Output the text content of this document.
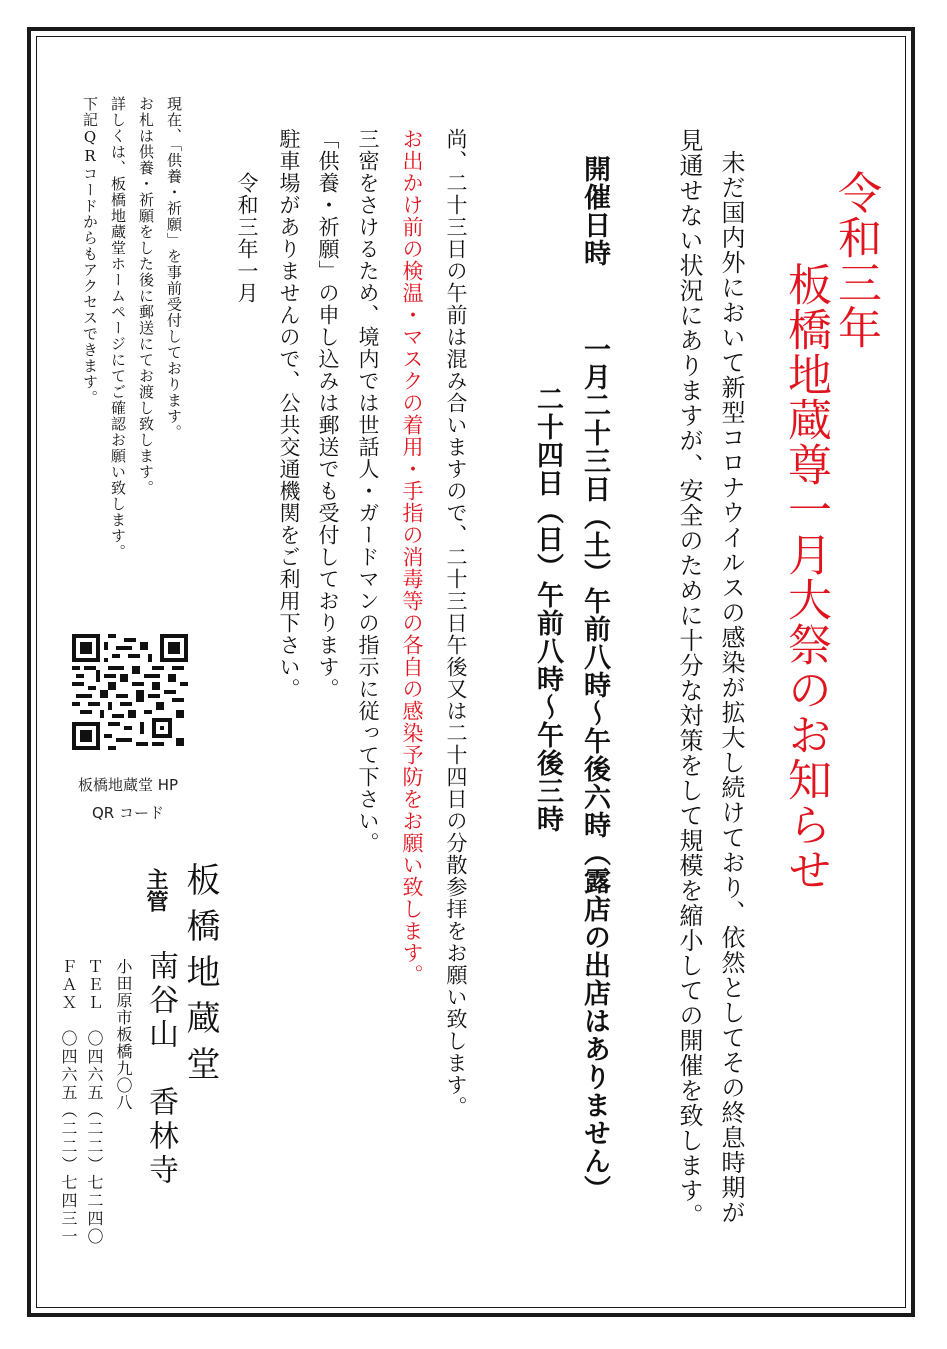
令和三年
板橋地蔵尊一月大祭のお知らせ
未だ国内外において新型コロナウイルスの感染が拡大し続けており、依然としてその終息時期が
見通せない状況にありますが、安全のために十分な対策をして規模を縮小しての開催を致します。
開催日時
一月二十三日（土）午前八時〜午後六時（露店の出店はありません）
二十四日（日）午前八時〜午後三時
尚、二十三日の午前は混み合いますので、二十三日午後又は二十四日の分散参拝をお願い致します。
お出かけ前の検温・マスクの着用・手指の消毒等の各自の感染予防をお願い致します。
三密をさけるため、境内では世話人・ガードマンの指示に従って下さい。
「供養・祈願」の申し込みは郵送でも受付しております。
駐車場がありませんので、公共交通機関をご利用下さい。
令和三年一月
現在、「供養・祈願」を事前受付しております。
お札は供養・祈願をした後に郵送にてお渡し致します。
詳しくは、板橋地蔵堂ホームページにてご確認お願い致します。
下記QRコードからもアクセスできます。
板橋地蔵堂 HP
QR コード
主管 板橋地蔵堂
南谷山　香林寺
小田原市板橋九〇八
ＴＥＬ　〇四六五（二二）七二四〇
ＦＡＸ　〇四六五（二二）七四三一
